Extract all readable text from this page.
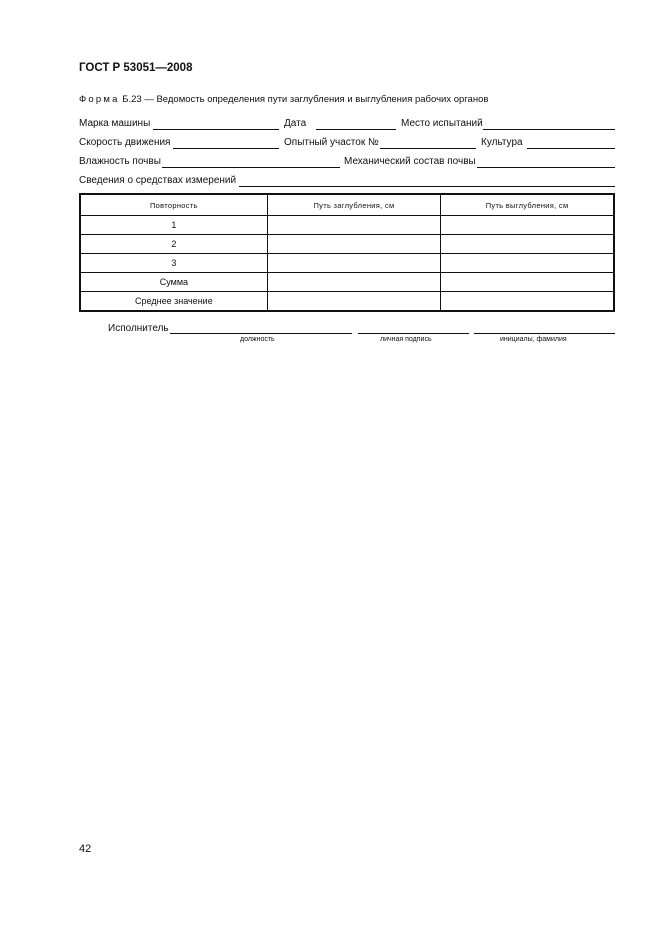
ГОСТ Р 53051—2008
Форма Б.23 — Ведомость определения пути заглубления и выглубления рабочих органов
Марка машины	Дата	Место испытаний
Скорость движения	Опытный участок №	Культура
Влажность почвы	Механический состав почвы
Сведения о средствах измерений
Повторность	Путь заглубления, см	Путь выглубления, см
1		
2		
3		
Сумма		
Среднее значение		
Исполнитель
должность	личная подпись	инициалы, фамилия
42
